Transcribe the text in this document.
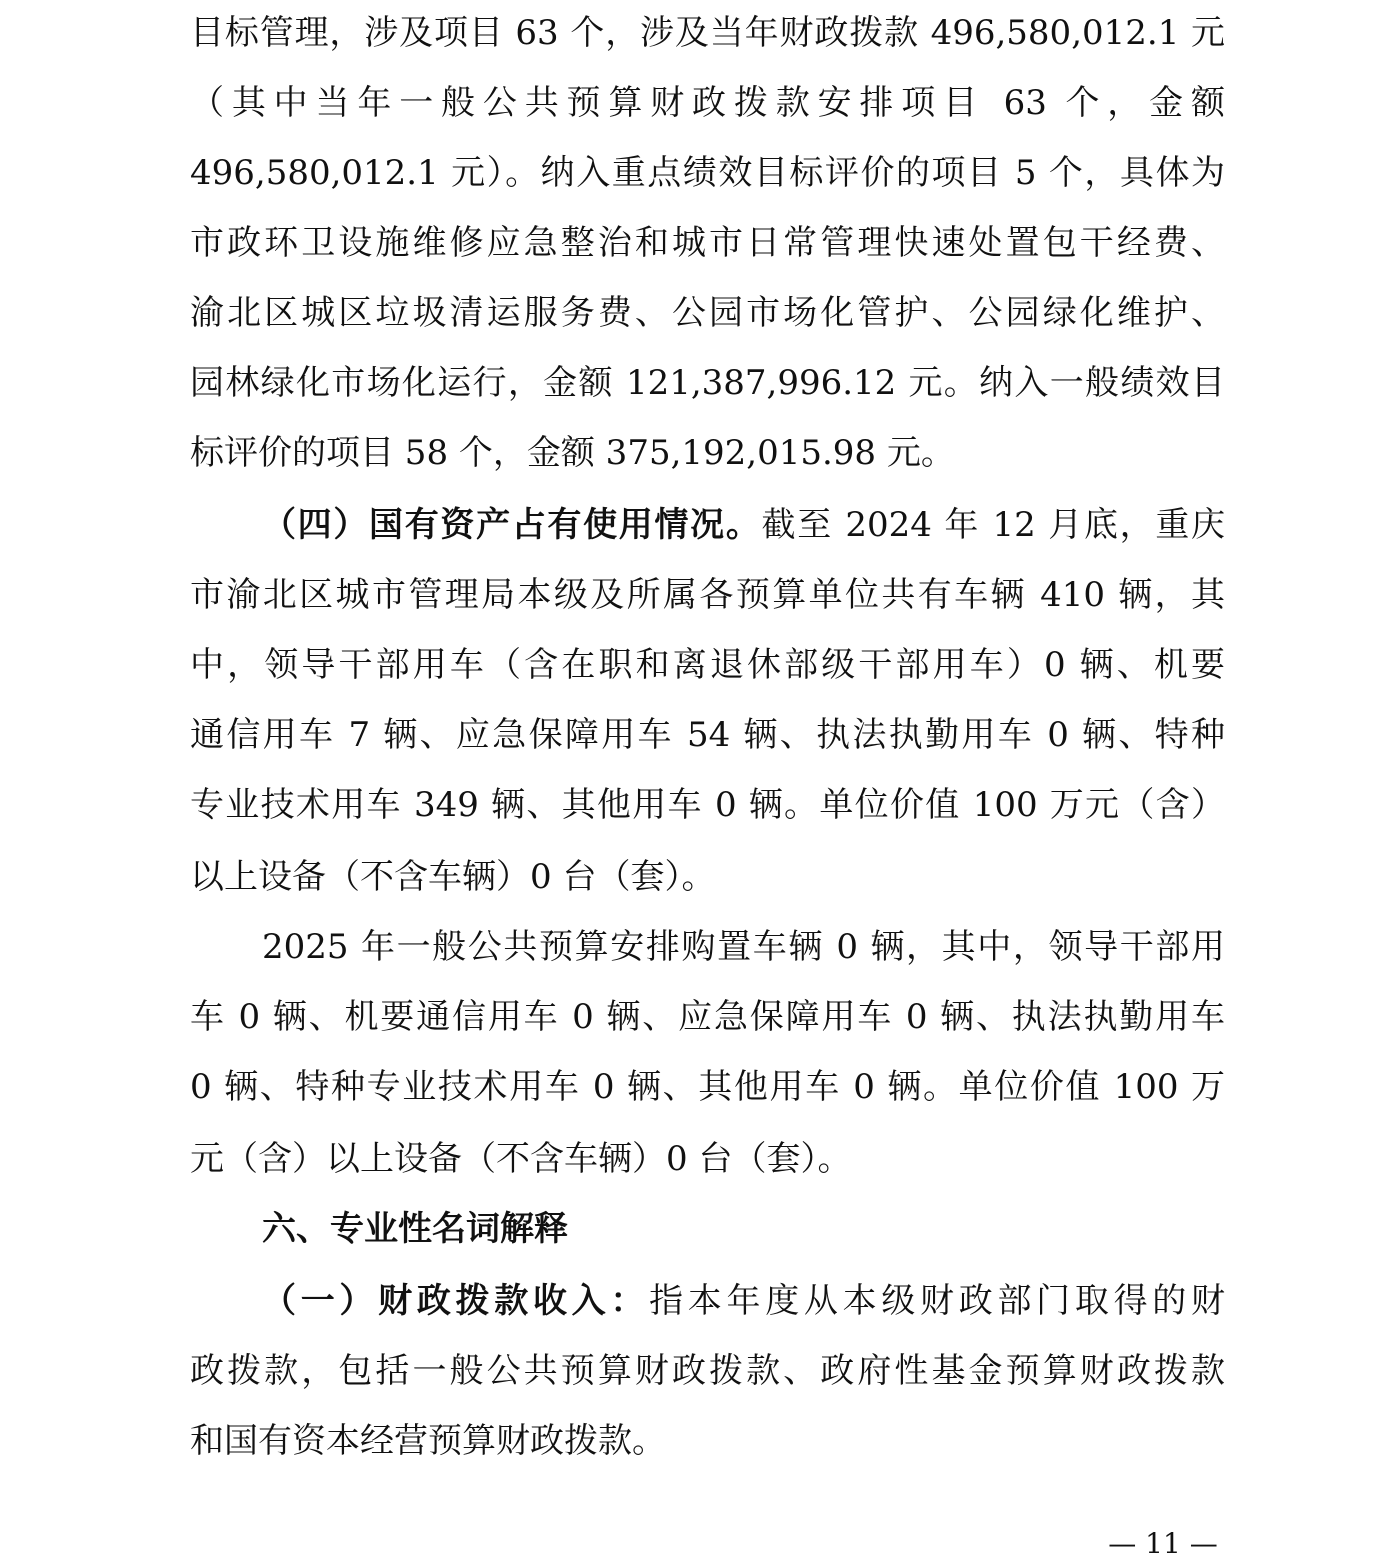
目标管理，涉及项目 63 个，涉及当年财政拨款 496,580,012.1 元
（其中当年一般公共预算财政拨款安排项目 63 个，金额
496,580,012.1 元）。纳入重点绩效目标评价的项目 5 个，具体为
市政环卫设施维修应急整治和城市日常管理快速处置包干经费、
渝北区城区垃圾清运服务费、公园市场化管护、公园绿化维护、
园林绿化市场化运行，金额 121,387,996.12 元。纳入一般绩效目
标评价的项目 58 个，金额 375,192,015.98 元。
（四）国有资产占有使用情况。截至 2024 年 12 月底，重庆
市渝北区城市管理局本级及所属各预算单位共有车辆 410 辆，其
中，领导干部用车（含在职和离退休部级干部用车）0 辆、机要
通信用车 7 辆、应急保障用车 54 辆、执法执勤用车 0 辆、特种
专业技术用车 349 辆、其他用车 0 辆。单位价值 100 万元（含）
以上设备（不含车辆）0 台（套）。
2025 年一般公共预算安排购置车辆 0 辆，其中，领导干部用
车 0 辆、机要通信用车 0 辆、应急保障用车 0 辆、执法执勤用车
0 辆、特种专业技术用车 0 辆、其他用车 0 辆。单位价值 100 万
元（含）以上设备（不含车辆）0 台（套）。
六、专业性名词解释
（一）财政拨款收入：指本年度从本级财政部门取得的财
政拨款，包括一般公共预算财政拨款、政府性基金预算财政拨款
和国有资本经营预算财政拨款。
— 11 —
